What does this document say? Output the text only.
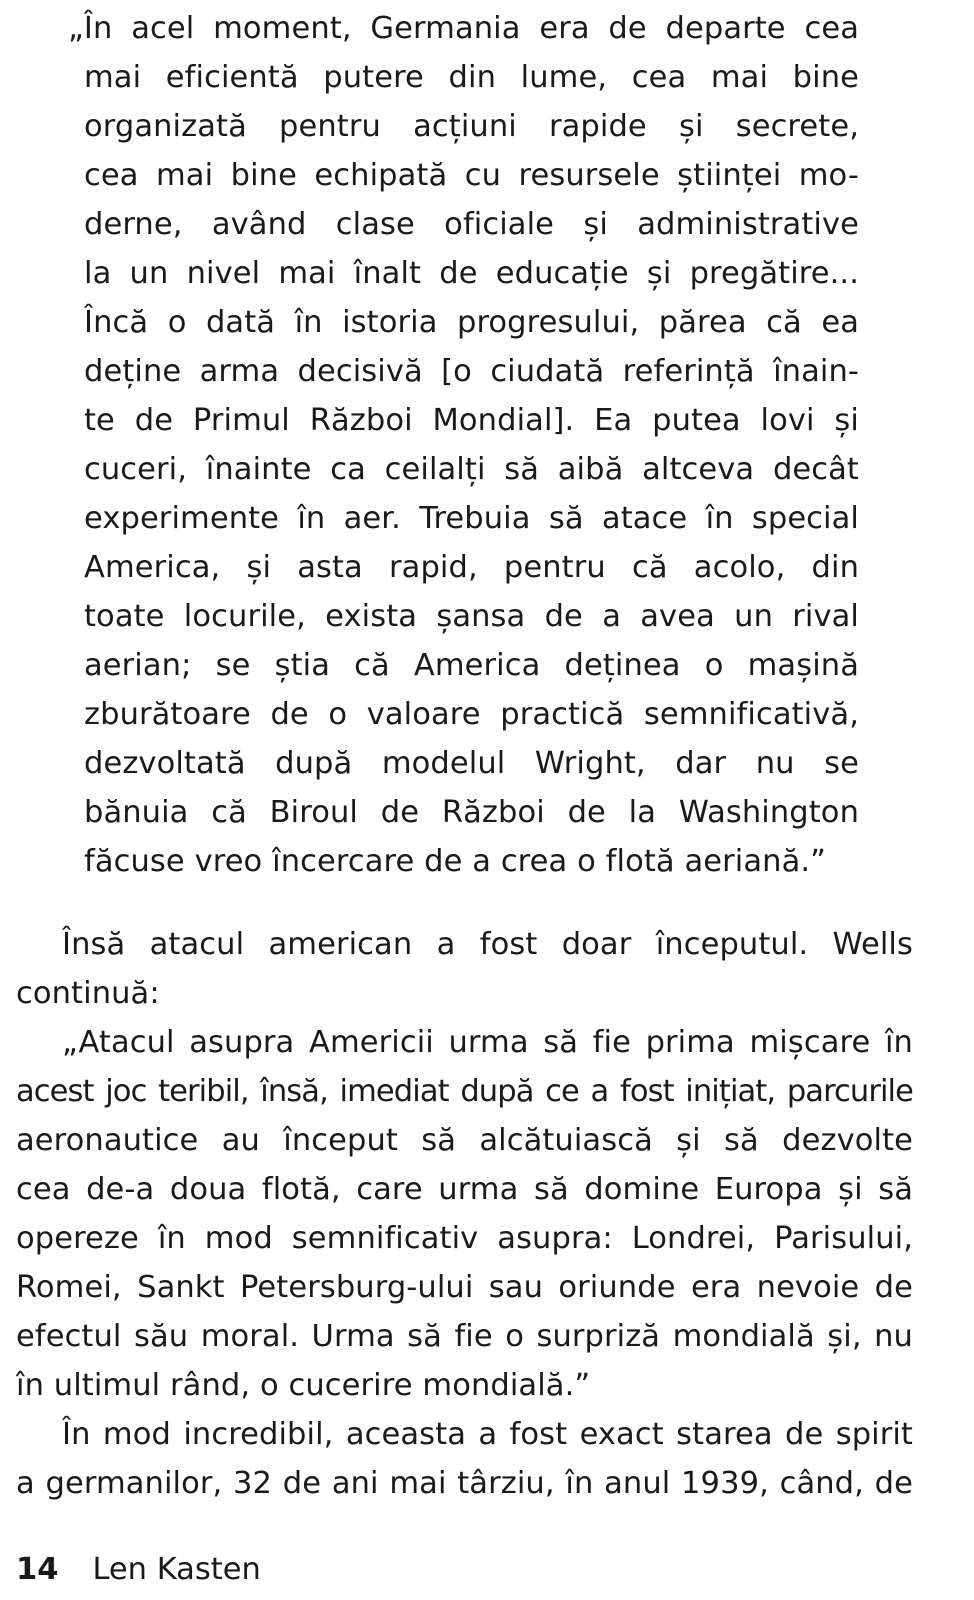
„În acel moment, Germania era de departe cea
mai eficientă putere din lume, cea mai bine
organizată pentru acțiuni rapide și secrete,
cea mai bine echipată cu resursele științei mo-
derne, având clase oficiale și administrative
la un nivel mai înalt de educație și pregătire...
Încă o dată în istoria progresului, părea că ea
deține arma decisivă [o ciudată referință înain-
te de Primul Război Mondial]. Ea putea lovi și
cuceri, înainte ca ceilalți să aibă altceva decât
experimente în aer. Trebuia să atace în special
America, și asta rapid, pentru că acolo, din
toate locurile, exista șansa de a avea un rival
aerian; se știa că America deținea o mașină
zburătoare de o valoare practică semnificativă,
dezvoltată după modelul Wright, dar nu se
bănuia că Biroul de Război de la Washington
făcuse vreo încercare de a crea o flotă aeriană.”
Însă atacul american a fost doar începutul. Wells
continuă:
„Atacul asupra Americii urma să fie prima mișcare în
acest joc teribil, însă, imediat după ce a fost inițiat, parcurile
aeronautice au început să alcătuiască și să dezvolte
cea de-a doua flotă, care urma să domine Europa și să
opereze în mod semnificativ asupra: Londrei, Parisului,
Romei, Sankt Petersburg-ului sau oriunde era nevoie de
efectul său moral. Urma să fie o surpriză mondială și, nu
în ultimul rând, o cucerire mondială.”
În mod incredibil, aceasta a fost exact starea de spirit
a germanilor, 32 de ani mai târziu, în anul 1939, când, de
14 Len Kasten
